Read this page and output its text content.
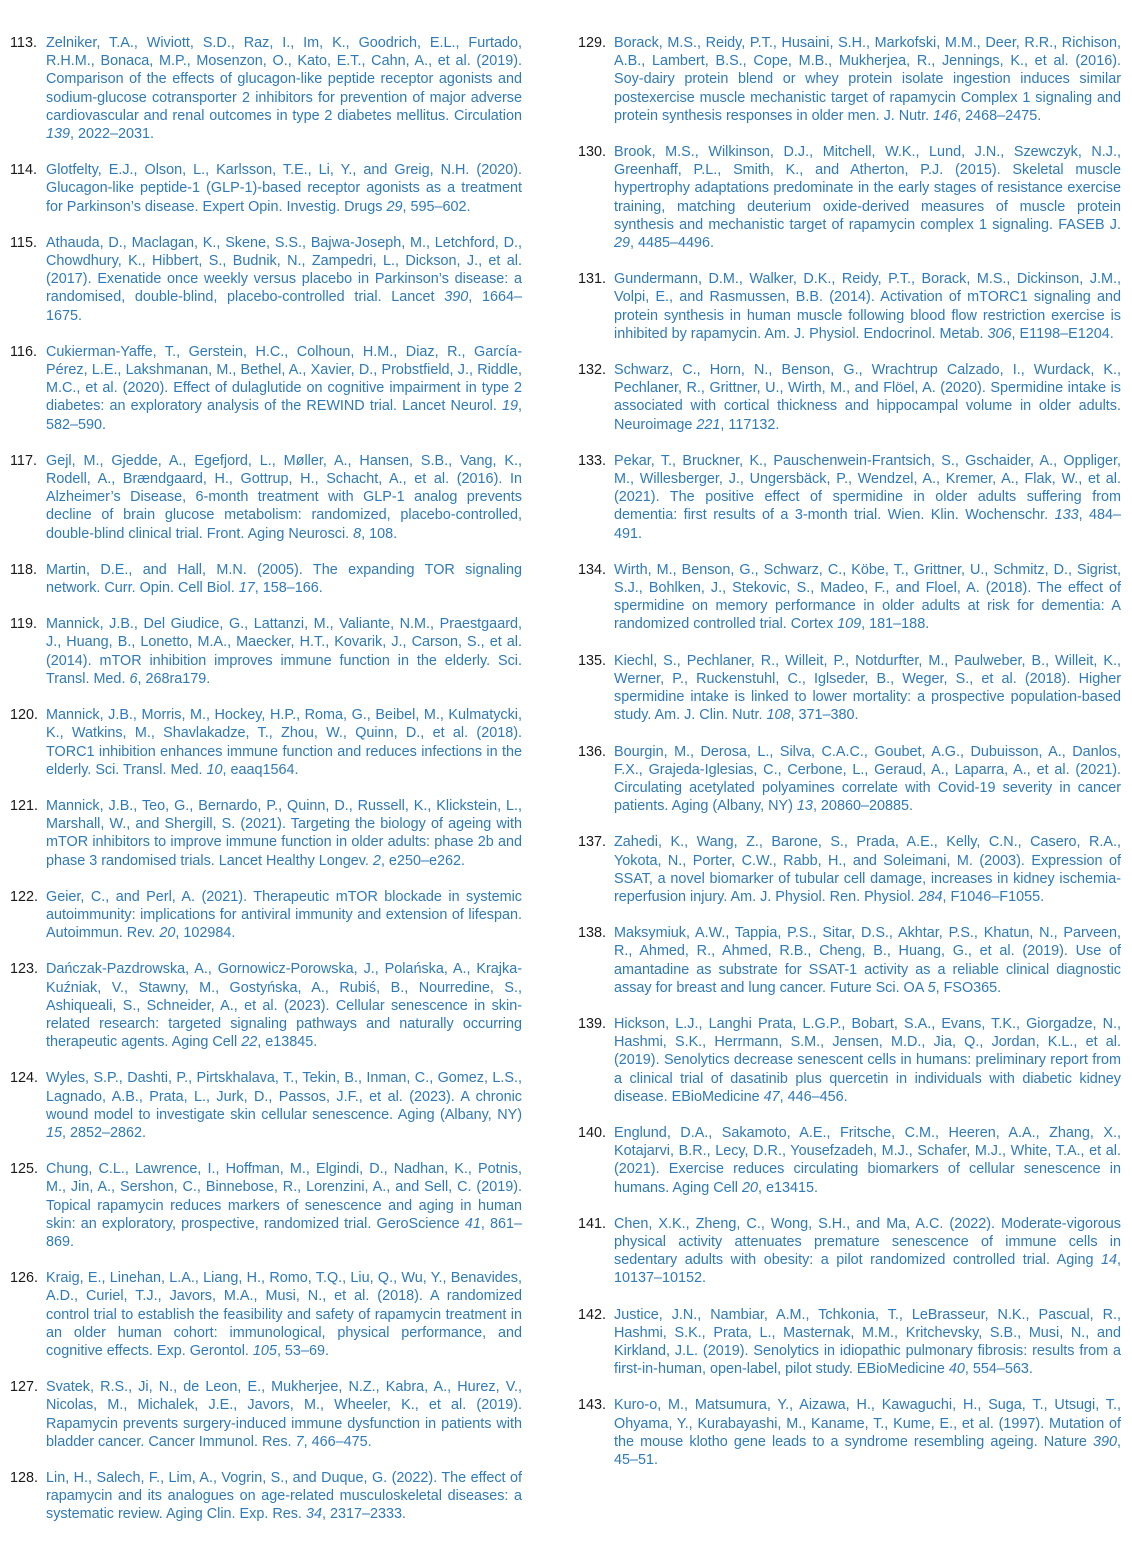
113. Zelniker, T.A., Wiviott, S.D., Raz, I., Im, K., Goodrich, E.L., Furtado, R.H.M., Bonaca, M.P., Mosenzon, O., Kato, E.T., Cahn, A., et al. (2019). Comparison of the effects of glucagon-like peptide receptor agonists and sodium-glucose cotransporter 2 inhibitors for prevention of major adverse cardiovascular and renal outcomes in type 2 diabetes mellitus. Circulation 139, 2022–2031.
114. Glotfelty, E.J., Olson, L., Karlsson, T.E., Li, Y., and Greig, N.H. (2020). Glucagon-like peptide-1 (GLP-1)-based receptor agonists as a treatment for Parkinson’s disease. Expert Opin. Investig. Drugs 29, 595–602.
115. Athauda, D., Maclagan, K., Skene, S.S., Bajwa-Joseph, M., Letchford, D., Chowdhury, K., Hibbert, S., Budnik, N., Zampedri, L., Dickson, J., et al. (2017). Exenatide once weekly versus placebo in Parkinson’s disease: a randomised, double-blind, placebo-controlled trial. Lancet 390, 1664–1675.
116. Cukierman-Yaffe, T., Gerstein, H.C., Colhoun, H.M., Diaz, R., García-Pérez, L.E., Lakshmanan, M., Bethel, A., Xavier, D., Probstfield, J., Riddle, M.C., et al. (2020). Effect of dulaglutide on cognitive impairment in type 2 diabetes: an exploratory analysis of the REWIND trial. Lancet Neurol. 19, 582–590.
117. Gejl, M., Gjedde, A., Egefjord, L., Møller, A., Hansen, S.B., Vang, K., Rodell, A., Brændgaard, H., Gottrup, H., Schacht, A., et al. (2016). In Alzheimer’s Disease, 6-month treatment with GLP-1 analog prevents decline of brain glucose metabolism: randomized, placebo-controlled, double-blind clinical trial. Front. Aging Neurosci. 8, 108.
118. Martin, D.E., and Hall, M.N. (2005). The expanding TOR signaling network. Curr. Opin. Cell Biol. 17, 158–166.
119. Mannick, J.B., Del Giudice, G., Lattanzi, M., Valiante, N.M., Praestgaard, J., Huang, B., Lonetto, M.A., Maecker, H.T., Kovarik, J., Carson, S., et al. (2014). mTOR inhibition improves immune function in the elderly. Sci. Transl. Med. 6, 268ra179.
120. Mannick, J.B., Morris, M., Hockey, H.P., Roma, G., Beibel, M., Kulmatycki, K., Watkins, M., Shavlakadze, T., Zhou, W., Quinn, D., et al. (2018). TORC1 inhibition enhances immune function and reduces infections in the elderly. Sci. Transl. Med. 10, eaaq1564.
121. Mannick, J.B., Teo, G., Bernardo, P., Quinn, D., Russell, K., Klickstein, L., Marshall, W., and Shergill, S. (2021). Targeting the biology of ageing with mTOR inhibitors to improve immune function in older adults: phase 2b and phase 3 randomised trials. Lancet Healthy Longev. 2, e250–e262.
122. Geier, C., and Perl, A. (2021). Therapeutic mTOR blockade in systemic autoimmunity: implications for antiviral immunity and extension of lifespan. Autoimmun. Rev. 20, 102984.
123. Dańczak-Pazdrowska, A., Gornowicz-Porowska, J., Polańska, A., Krajka-Kuźniak, V., Stawny, M., Gostyńska, A., Rubiś, B., Nourredine, S., Ashiqueali, S., Schneider, A., et al. (2023). Cellular senescence in skin-related research: targeted signaling pathways and naturally occurring therapeutic agents. Aging Cell 22, e13845.
124. Wyles, S.P., Dashti, P., Pirtskhalava, T., Tekin, B., Inman, C., Gomez, L.S., Lagnado, A.B., Prata, L., Jurk, D., Passos, J.F., et al. (2023). A chronic wound model to investigate skin cellular senescence. Aging (Albany, NY) 15, 2852–2862.
125. Chung, C.L., Lawrence, I., Hoffman, M., Elgindi, D., Nadhan, K., Potnis, M., Jin, A., Sershon, C., Binnebose, R., Lorenzini, A., and Sell, C. (2019). Topical rapamycin reduces markers of senescence and aging in human skin: an exploratory, prospective, randomized trial. GeroScience 41, 861–869.
126. Kraig, E., Linehan, L.A., Liang, H., Romo, T.Q., Liu, Q., Wu, Y., Benavides, A.D., Curiel, T.J., Javors, M.A., Musi, N., et al. (2018). A randomized control trial to establish the feasibility and safety of rapamycin treatment in an older human cohort: immunological, physical performance, and cognitive effects. Exp. Gerontol. 105, 53–69.
127. Svatek, R.S., Ji, N., de Leon, E., Mukherjee, N.Z., Kabra, A., Hurez, V., Nicolas, M., Michalek, J.E., Javors, M., Wheeler, K., et al. (2019). Rapamycin prevents surgery-induced immune dysfunction in patients with bladder cancer. Cancer Immunol. Res. 7, 466–475.
128. Lin, H., Salech, F., Lim, A., Vogrin, S., and Duque, G. (2022). The effect of rapamycin and its analogues on age-related musculoskeletal diseases: a systematic review. Aging Clin. Exp. Res. 34, 2317–2333.
129. Borack, M.S., Reidy, P.T., Husaini, S.H., Markofski, M.M., Deer, R.R., Richison, A.B., Lambert, B.S., Cope, M.B., Mukherjea, R., Jennings, K., et al. (2016). Soy-dairy protein blend or whey protein isolate ingestion induces similar postexercise muscle mechanistic target of rapamycin Complex 1 signaling and protein synthesis responses in older men. J. Nutr. 146, 2468–2475.
130. Brook, M.S., Wilkinson, D.J., Mitchell, W.K., Lund, J.N., Szewczyk, N.J., Greenhaff, P.L., Smith, K., and Atherton, P.J. (2015). Skeletal muscle hypertrophy adaptations predominate in the early stages of resistance exercise training, matching deuterium oxide-derived measures of muscle protein synthesis and mechanistic target of rapamycin complex 1 signaling. FASEB J. 29, 4485–4496.
131. Gundermann, D.M., Walker, D.K., Reidy, P.T., Borack, M.S., Dickinson, J.M., Volpi, E., and Rasmussen, B.B. (2014). Activation of mTORC1 signaling and protein synthesis in human muscle following blood flow restriction exercise is inhibited by rapamycin. Am. J. Physiol. Endocrinol. Metab. 306, E1198–E1204.
132. Schwarz, C., Horn, N., Benson, G., Wrachtrup Calzado, I., Wurdack, K., Pechlaner, R., Grittner, U., Wirth, M., and Flöel, A. (2020). Spermidine intake is associated with cortical thickness and hippocampal volume in older adults. Neuroimage 221, 117132.
133. Pekar, T., Bruckner, K., Pauschenwein-Frantsich, S., Gschaider, A., Oppliger, M., Willesberger, J., Ungersbäck, P., Wendzel, A., Kremer, A., Flak, W., et al. (2021). The positive effect of spermidine in older adults suffering from dementia: first results of a 3-month trial. Wien. Klin. Wochenschr. 133, 484–491.
134. Wirth, M., Benson, G., Schwarz, C., Köbe, T., Grittner, U., Schmitz, D., Sigrist, S.J., Bohlken, J., Stekovic, S., Madeo, F., and Floel, A. (2018). The effect of spermidine on memory performance in older adults at risk for dementia: A randomized controlled trial. Cortex 109, 181–188.
135. Kiechl, S., Pechlaner, R., Willeit, P., Notdurfter, M., Paulweber, B., Willeit, K., Werner, P., Ruckenstuhl, C., Iglseder, B., Weger, S., et al. (2018). Higher spermidine intake is linked to lower mortality: a prospective population-based study. Am. J. Clin. Nutr. 108, 371–380.
136. Bourgin, M., Derosa, L., Silva, C.A.C., Goubet, A.G., Dubuisson, A., Danlos, F.X., Grajeda-Iglesias, C., Cerbone, L., Geraud, A., Laparra, A., et al. (2021). Circulating acetylated polyamines correlate with Covid-19 severity in cancer patients. Aging (Albany, NY) 13, 20860–20885.
137. Zahedi, K., Wang, Z., Barone, S., Prada, A.E., Kelly, C.N., Casero, R.A., Yokota, N., Porter, C.W., Rabb, H., and Soleimani, M. (2003). Expression of SSAT, a novel biomarker of tubular cell damage, increases in kidney ischemia-reperfusion injury. Am. J. Physiol. Ren. Physiol. 284, F1046–F1055.
138. Maksymiuk, A.W., Tappia, P.S., Sitar, D.S., Akhtar, P.S., Khatun, N., Parveen, R., Ahmed, R., Ahmed, R.B., Cheng, B., Huang, G., et al. (2019). Use of amantadine as substrate for SSAT-1 activity as a reliable clinical diagnostic assay for breast and lung cancer. Future Sci. OA 5, FSO365.
139. Hickson, L.J., Langhi Prata, L.G.P., Bobart, S.A., Evans, T.K., Giorgadze, N., Hashmi, S.K., Herrmann, S.M., Jensen, M.D., Jia, Q., Jordan, K.L., et al. (2019). Senolytics decrease senescent cells in humans: preliminary report from a clinical trial of dasatinib plus quercetin in individuals with diabetic kidney disease. EBioMedicine 47, 446–456.
140. Englund, D.A., Sakamoto, A.E., Fritsche, C.M., Heeren, A.A., Zhang, X., Kotajarvi, B.R., Lecy, D.R., Yousefzadeh, M.J., Schafer, M.J., White, T.A., et al. (2021). Exercise reduces circulating biomarkers of cellular senescence in humans. Aging Cell 20, e13415.
141. Chen, X.K., Zheng, C., Wong, S.H., and Ma, A.C. (2022). Moderate-vigorous physical activity attenuates premature senescence of immune cells in sedentary adults with obesity: a pilot randomized controlled trial. Aging 14, 10137–10152.
142. Justice, J.N., Nambiar, A.M., Tchkonia, T., LeBrasseur, N.K., Pascual, R., Hashmi, S.K., Prata, L., Masternak, M.M., Kritchevsky, S.B., Musi, N., and Kirkland, J.L. (2019). Senolytics in idiopathic pulmonary fibrosis: results from a first-in-human, open-label, pilot study. EBioMedicine 40, 554–563.
143. Kuro-o, M., Matsumura, Y., Aizawa, H., Kawaguchi, H., Suga, T., Utsugi, T., Ohyama, Y., Kurabayashi, M., Kaname, T., Kume, E., et al. (1997). Mutation of the mouse klotho gene leads to a syndrome resembling ageing. Nature 390, 45–51.
